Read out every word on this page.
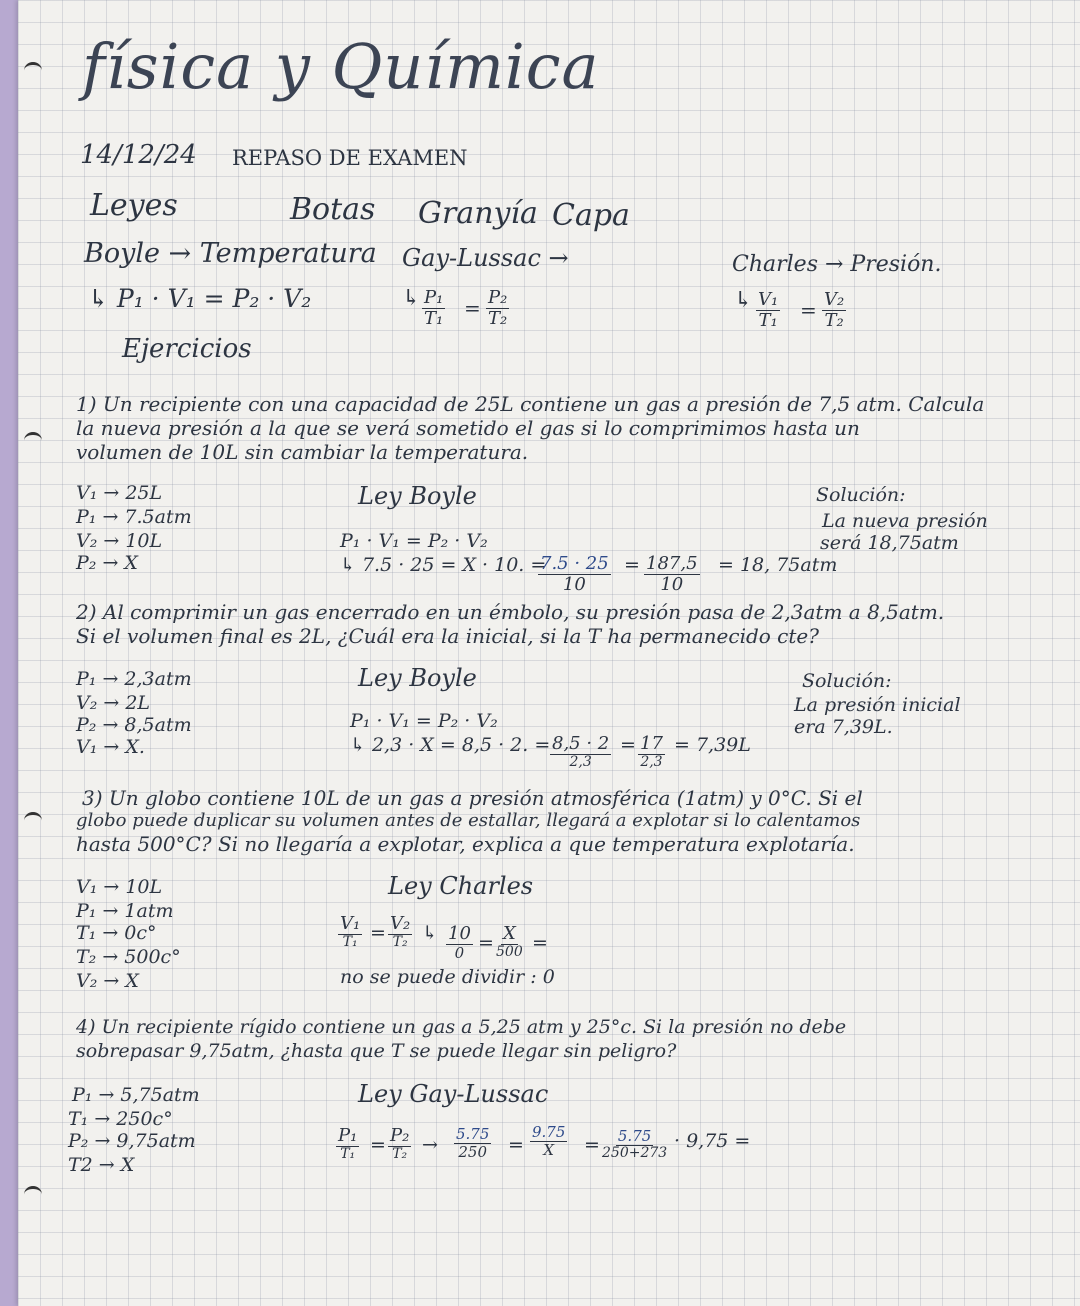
física y Química
14/12/24 REPASO DE EXAMEN
Leyes	Botas Granyía Capa
Boyle → Temperatura
↳ P₁ · V₁ = P₂ · V₂
Gay-Lussac →
↳ $\frac{\text{P₁}}{\text{T₁}} = \frac{\text{P₂}}{\text{T₂}}$
Charles → Presión.
↳ $\frac{\text{V₁}}{\text{T₁}} = \frac{\text{V₂}}{\text{T₂}}$
Ejercicios
1) Un recipiente con una capacidad de 25L contiene un gas a presión de 7,5 atm. Calcula
la nueva presión a la que se verá sometido el gas si lo comprimimos hasta un
volumen de 10L sin cambiar la temperatura.
V₁ → 25L
P₁ → 7.5atm
V₂ → 10L
P₂ → X
Ley Boyle
P₁ · V₁ = P₂ · V₂
↳ 7.5 · 25 = X · 10. =
$\frac{7.5 \cdot 25}{10} = \frac{187,5}{10} = 18$, 75atm
Solución:
La nueva presión
será 18,75atm
2) Al comprimir un gas encerrado en un émbolo, su presión pasa de 2,3atm a 8,5atm.
Si el volumen final es 2L, ¿Cuál era la inicial, si la T ha permanecido cte?
P₁ → 2,3atm
V₂ → 2L
P₂ → 8,5atm
V₁ → X.
Ley Boyle
P₁ · V₁ = P₂ · V₂
↳ 2,3 · X = 8,5 · 2. = 8,5 · 2
2,3
= 17
2,3
= 7,39L
Solución:
La presión inicial
era 7,39L.
3) Un globo contiene 10L de un gas a presión atmosférica (1atm) y 0°C. Si el
globo puede duplicar su volumen antes de estallar, llegará a explotar si lo calentamos
hasta 500°C? Si no llegaría a explotar, explica a que temperatura explotaría.
V₁ → 10L
P₁ → 1atm
T₁ → 0c°
T₂ → 500c°
V₂ → X
Ley Charles
V₁
T₁ = V₂
T₂ ↳ 10
0 = X
500 =
no se puede dividir : 0
4) Un recipiente rígido contiene un gas a 5,25 atm y 25°c. Si la presión no debe
sobrepasar 9,75atm, ¿hasta que T se puede llegar sin peligro?
P₁ → 5,75atm
T₁ → 250c°
P₂ → 9,75atm
T2 → X
Ley Gay-Lussac
P₁
T₁ = P₂
$T_2 \to \frac{5.75}{250} = \frac{9.75}{X} = \frac{5.75}{250+273} \cdot 9,75$ =
